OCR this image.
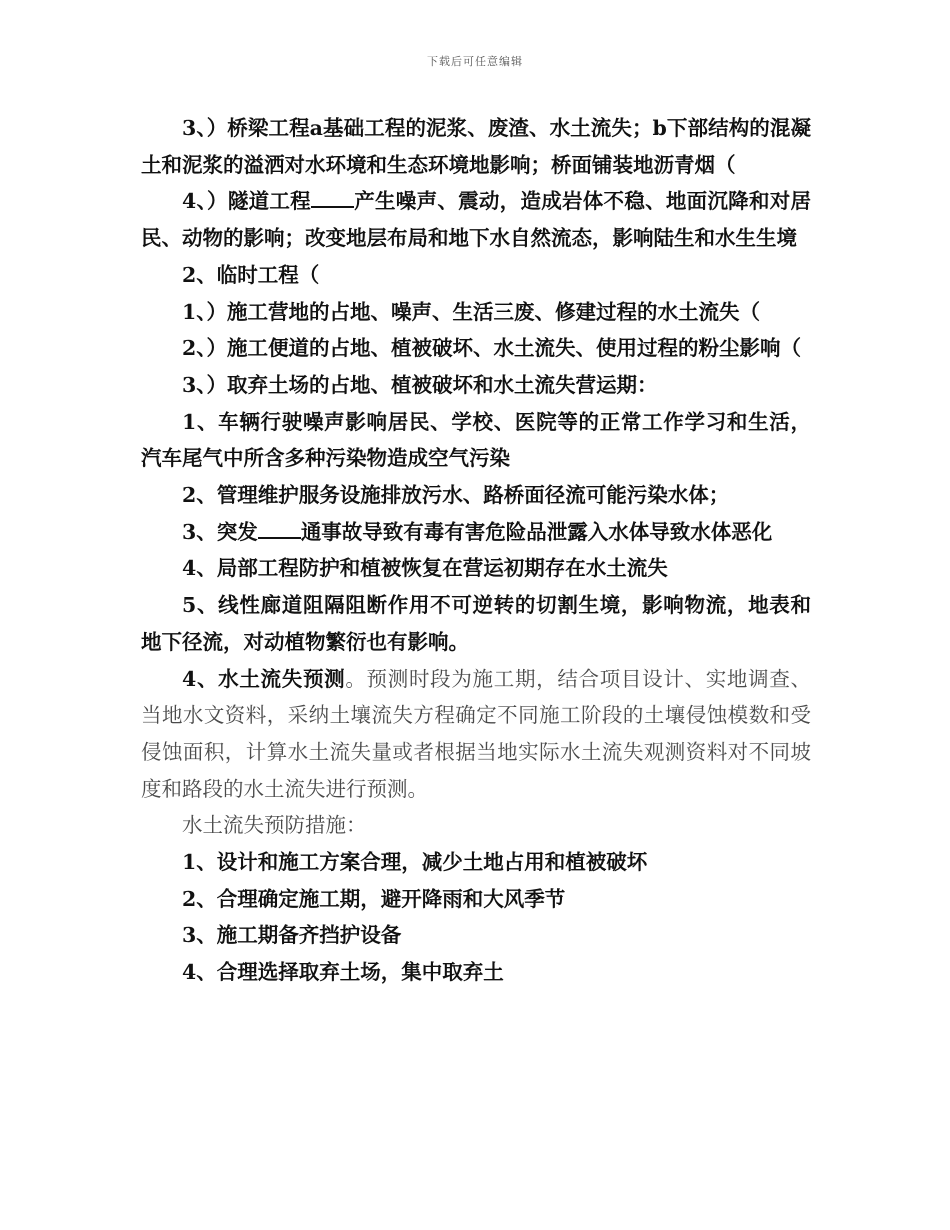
下载后可任意编辑

3、）桥梁工程a基础工程的泥浆、废渣、水土流失；b下部结构的混凝土和泥浆的溢洒对水环境和生态环境地影响；桥面铺装地沥青烟（

4、）隧道工程 产生噪声、震动，造成岩体不稳、地面沉降和对居民、动物的影响；改变地层布局和地下水自然流态，影响陆生和水生生境

2、临时工程（

1、）施工营地的占地、噪声、生活三废、修建过程的水土流失（

2、）施工便道的占地、植被破坏、水土流失、使用过程的粉尘影响（

3、）取弃土场的占地、植被破坏和水土流失营运期：

1、车辆行驶噪声影响居民、学校、医院等的正常工作学习和生活，汽车尾气中所含多种污染物造成空气污染

2、管理维护服务设施排放污水、路桥面径流可能污染水体；

3、突发 通事故导致有毒有害危险品泄露入水体导致水体恶化

4、局部工程防护和植被恢复在营运初期存在水土流失

5、线性廊道阻隔阻断作用不可逆转的切割生境，影响物流，地表和地下径流，对动植物繁衍也有影响。

4、水土流失预测。预测时段为施工期，结合项目设计、实地调查、当地水文资料，采纳土壤流失方程确定不同施工阶段的土壤侵蚀模数和受侵蚀面积，计算水土流失量或者根据当地实际水土流失观测资料对不同坡度和路段的水土流失进行预测。

水土流失预防措施：

1、设计和施工方案合理，减少土地占用和植被破坏

2、合理确定施工期，避开降雨和大风季节

3、施工期备齐挡护设备

4、合理选择取弃土场，集中取弃土
